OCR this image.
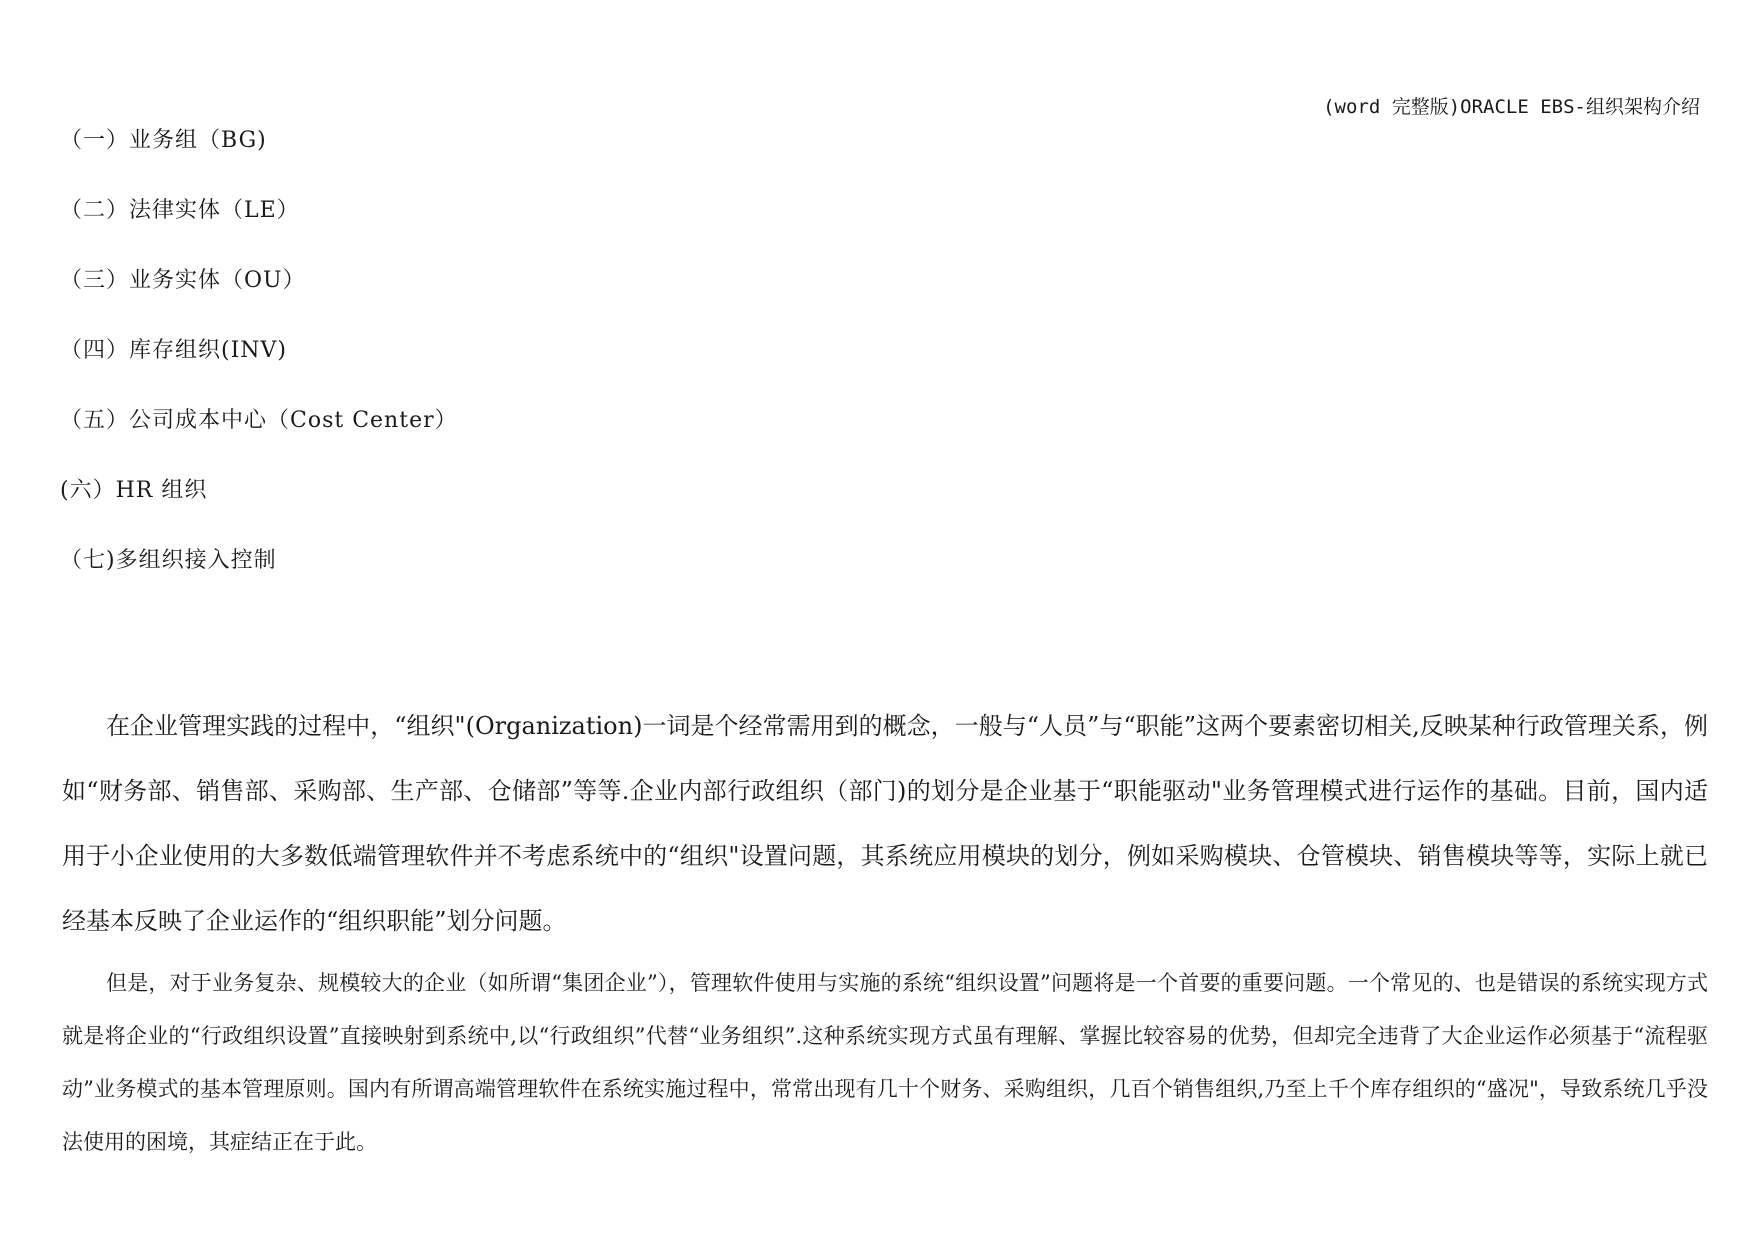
(word 完整版)ORACLE EBS-组织架构介绍
（一）业务组（BG)
（二）法律实体（LE）
（三）业务实体（OU）
（四）库存组织(INV)
（五）公司成本中心（Cost Center）
(六）HR 组织
（七)多组织接入控制

在企业管理实践的过程中，“组织"(Organization)一词是个经常需用到的概念，一般与“人员”与“职能”这两个要素密切相关,反映某种行政管理关系，例如“财务部、销售部、采购部、生产部、仓储部”等等.企业内部行政组织（部门)的划分是企业基于“职能驱动"业务管理模式进行运作的基础。目前，国内适用于小企业使用的大多数低端管理软件并不考虑系统中的“组织"设置问题，其系统应用模块的划分，例如采购模块、仓管模块、销售模块等等，实际上就已经基本反映了企业运作的“组织职能”划分问题。

但是，对于业务复杂、规模较大的企业（如所谓“集团企业”），管理软件使用与实施的系统“组织设置”问题将是一个首要的重要问题。一个常见的、也是错误的系统实现方式就是将企业的“行政组织设置”直接映射到系统中,以“行政组织”代替“业务组织”.这种系统实现方式虽有理解、掌握比较容易的优势，但却完全违背了大企业运作必须基于“流程驱动”业务模式的基本管理原则。国内有所谓高端管理软件在系统实施过程中，常常出现有几十个财务、采购组织，几百个销售组织,乃至上千个库存组织的“盛况"，导致系统几乎没法使用的困境，其症结正在于此。
